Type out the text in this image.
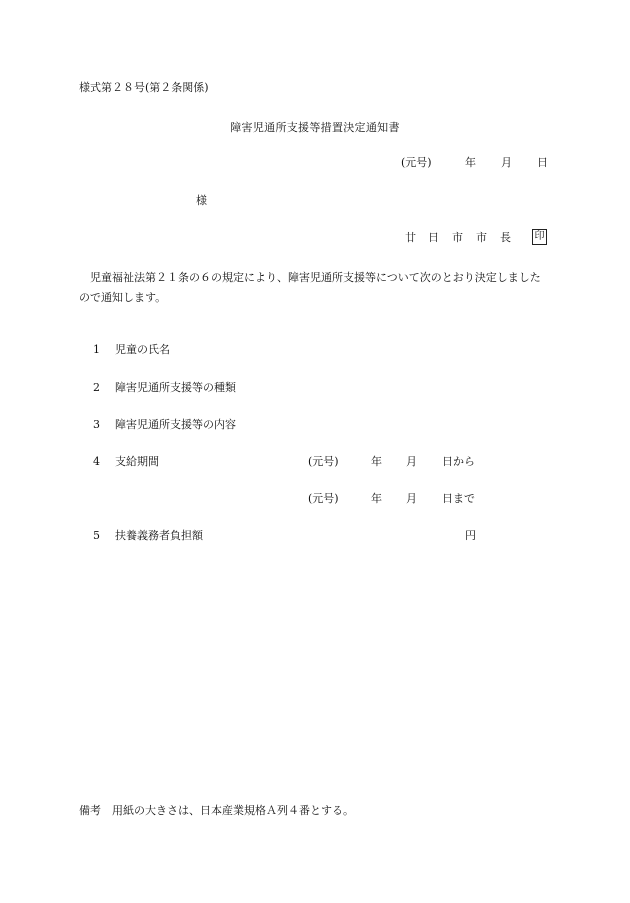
様式第２８号(第２条関係)
障害児通所支援等措置決定通知書
(元号)	年 月 日
様
廿 日 市 市 長 印
児童福祉法第２１条の６の規定により、障害児通所支援等について次のとおり決定しましたので通知します。
1 児童の氏名
2 障害児通所支援等の種類
3 障害児通所支援等の内容
4 支給期間	(元号)	年 月 日から
(元号)	年 月 日まで
5 扶養義務者負担額	円
備考 用紙の大きさは、日本産業規格Ａ列４番とする。
